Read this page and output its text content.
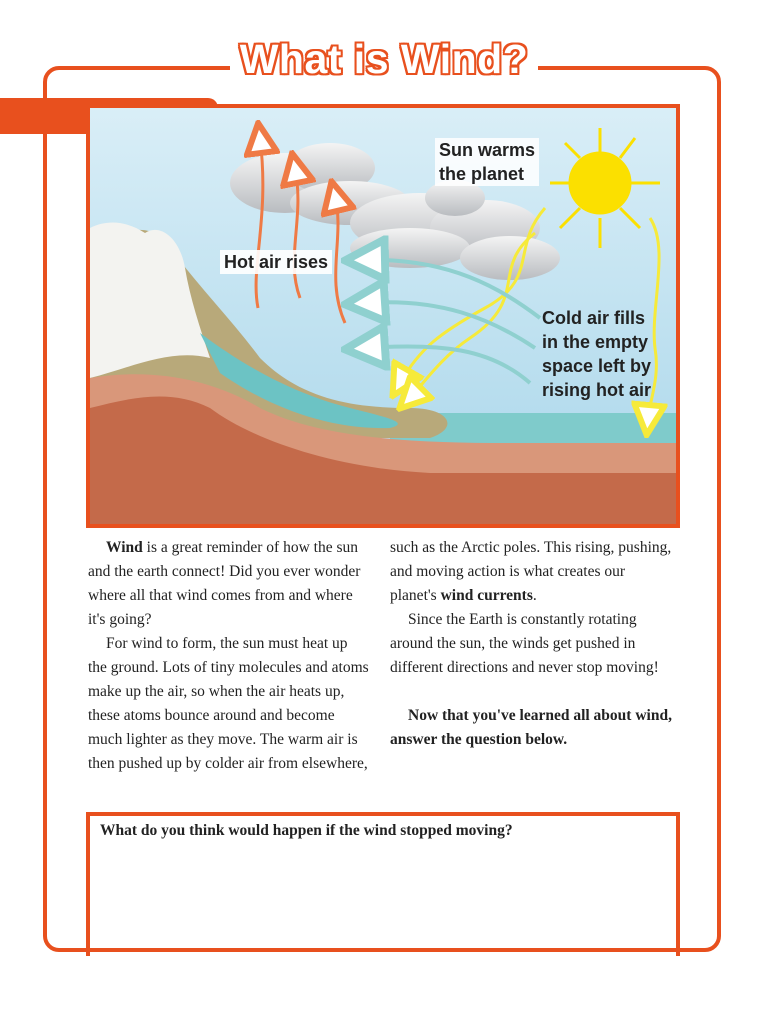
What is Wind?
Sun warms
the planet
Hot air rises
Cold air fills
in the empty
space left by
rising hot air

Wind is a great reminder of how the sun and the earth connect! Did you ever wonder where all that wind comes from and where it's going?

For wind to form, the sun must heat up the ground. Lots of tiny molecules and atoms make up the air, so when the air heats up, these atoms bounce around and become much lighter as they move. The warm air is then pushed up by colder air from elsewhere,

such as the Arctic poles. This rising, pushing, and moving action is what creates our planet's wind currents.

Since the Earth is constantly rotating around the sun, the winds get pushed in different directions and never stop moving!

Now that you've learned all about wind, answer the question below.

What do you think would happen if the wind stopped moving?
